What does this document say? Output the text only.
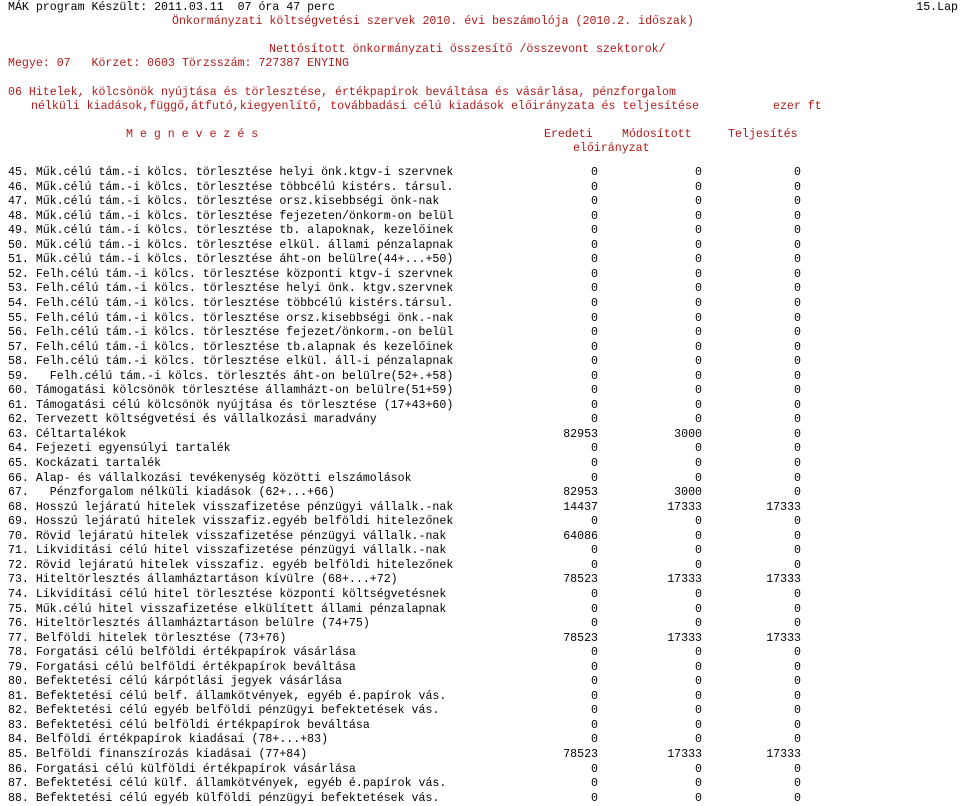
MÁK program Készült: 2011.03.11  07 óra 47 perc	15.Lap
Önkormányzati költségvetési szervek 2010. évi beszámolója (2010.2. időszak)
Nettósított önkormányzati összesítő /összevont szektorok/
Megye: 07   Körzet: 0603 Törzsszám: 727387 ENYING
06 Hitelek, kölcsönök nyújtása és törlesztése, értékpapírok beváltása és vásárlása, pénzforgalom
nélküli kiadások,függő,átfutó,kiegyenlítő, továbbadási célú kiadások előirányzata és teljesítése	ezer ft
M e g n e v e z é s	Eredeti	Módosított	Teljesítés
előirányzat
45. Műk.célú tám.-i kölcs. törlesztése helyi önk.ktgv-i szervnek	0	0	0
46. Műk.célú tám.-i kölcs. törlesztése többcélú kistérs. társul.	0	0	0
47. Műk.célú tám.-i kölcs. törlesztése orsz.kisebbségi önk-nak	0	0	0
48. Műk.célú tám.-i kölcs. törlesztése fejezeten/önkorm-on belül	0	0	0
49. Műk.célú tám.-i kölcs. törlesztése tb. alapoknak, kezelőinek	0	0	0
50. Műk.célú tám.-i kölcs. törlesztése elkül. állami pénzalapnak	0	0	0
51. Műk.célú tám.-i kölcs. törlesztése áht-on belülre(44+...+50)	0	0	0
52. Felh.célú tám.-i kölcs. törlesztése központi ktgv-i szervnek	0	0	0
53. Felh.célú tám.-i kölcs. törlesztése helyi önk. ktgv.szervnek	0	0	0
54. Felh.célú tám.-i kölcs. törlesztése többcélú kistérs.társul.	0	0	0
55. Felh.célú tám.-i kölcs. törlesztése orsz.kisebbségi önk.-nak	0	0	0
56. Felh.célú tám.-i kölcs. törlesztése fejezet/önkorm.-on belül	0	0	0
57. Felh.célú tám.-i kölcs. törlesztése tb.alapnak és kezelőinek	0	0	0
58. Felh.célú tám.-i kölcs. törlesztése elkül. áll-i pénzalapnak	0	0	0
59.   Felh.célú tám.-i kölcs. törlesztés áht-on belülre(52+.+58)	0	0	0
60. Támogatási kölcsönök törlesztése államházt-on belülre(51+59)	0	0	0
61. Támogatási célú kölcsönök nyújtása és törlesztése (17+43+60)	0	0	0
62. Tervezett költségvetési és vállalkozási maradvány	0	0	0
63. Céltartalékok	82953	3000	0
64. Fejezeti egyensúlyi tartalék	0	0	0
65. Kockázati tartalék	0	0	0
66. Alap- és vállalkozási tevékenység közötti elszámolások	0	0	0
67.   Pénzforgalom nélküli kiadások (62+...+66)	82953	3000	0
68. Hosszú lejáratú hitelek visszafizetése pénzügyi vállalk.-nak	14437	17333	17333
69. Hosszú lejáratú hitelek visszafiz.egyéb belföldi hitelezőnek	0	0	0
70. Rövid lejáratú hitelek visszafizetése pénzügyi vállalk.-nak	64086	0	0
71. Likviditási célú hitel visszafizetése pénzügyi vállalk.-nak	0	0	0
72. Rövid lejáratú hitelek visszafiz. egyéb belföldi hitelezőnek	0	0	0
73. Hiteltörlesztés államháztartáson kívülre (68+...+72)	78523	17333	17333
74. Likviditási célú hitel törlesztése központi költségvetésnek	0	0	0
75. Műk.célú hitel visszafizetése elkülített állami pénzalapnak	0	0	0
76. Hiteltörlesztés államháztartáson belülre (74+75)	0	0	0
77. Belföldi hitelek törlesztése (73+76)	78523	17333	17333
78. Forgatási célú belföldi értékpapírok vásárlása	0	0	0
79. Forgatási célú belföldi értékpapírok beváltása	0	0	0
80. Befektetési célú kárpótlási jegyek vásárlása	0	0	0
81. Befektetési célú belf. államkötvények, egyéb é.papírok vás.	0	0	0
82. Befektetési célú egyéb belföldi pénzügyi befektetések vás.	0	0	0
83. Befektetési célú belföldi értékpapírok beváltása	0	0	0
84. Belföldi értékpapírok kiadásai (78+...+83)	0	0	0
85. Belföldi finanszírozás kiadásai (77+84)	78523	17333	17333
86. Forgatási célú külföldi értékpapírok vásárlása	0	0	0
87. Befektetési célú külf. államkötvények, egyéb é.papírok vás.	0	0	0
88. Befektetési célú egyéb külföldi pénzügyi befektetések vás.	0	0	0
